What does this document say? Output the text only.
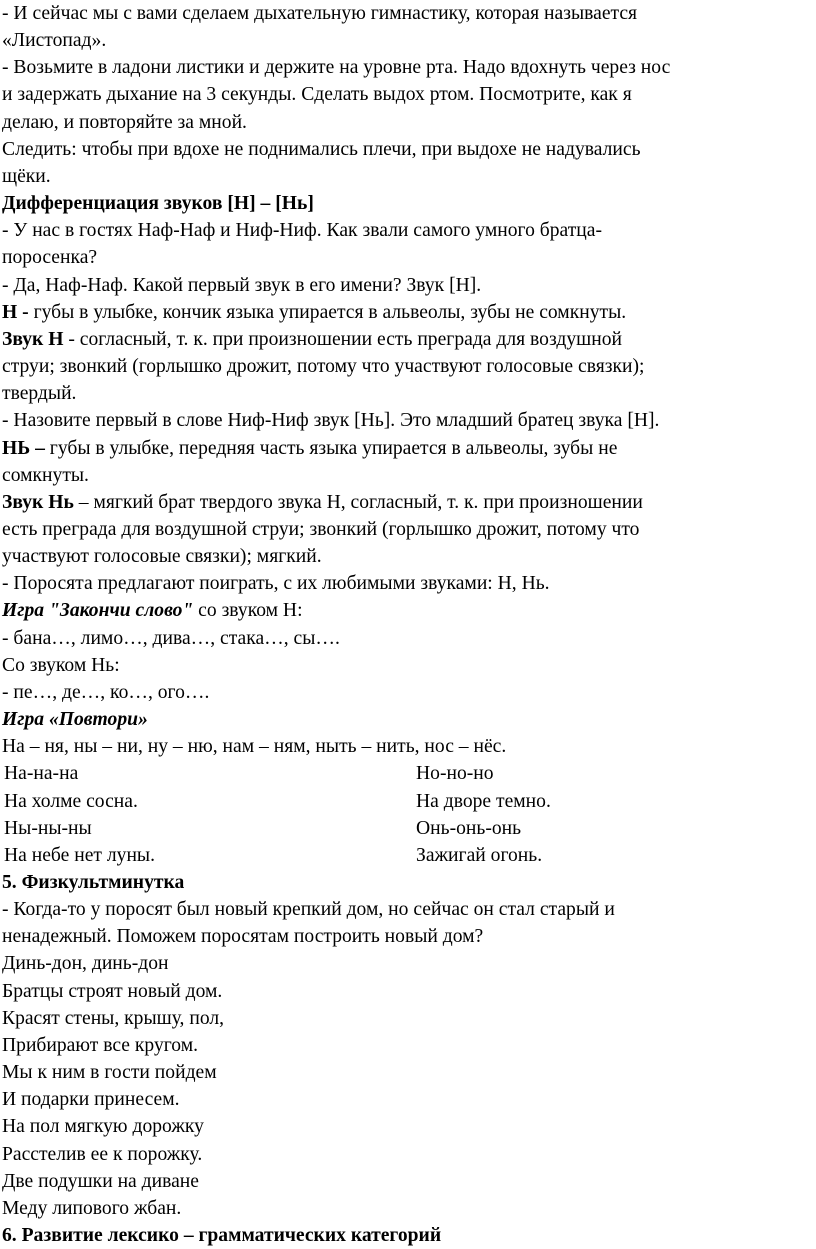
- И сейчас мы с вами сделаем дыхательную гимнастику, которая называется

«Листопад».

- Возьмите в ладони листики и держите на уровне рта. Надо вдохнуть через нос

и задержать дыхание на 3 секунды. Сделать выдох ртом. Посмотрите, как я

делаю, и повторяйте за мной.

Следить: чтобы при вдохе не поднимались плечи, при выдохе не надувались

щёки.

Дифференциация звуков [Н] – [Нь]

- У нас в гостях Наф-Наф и Ниф-Ниф. Как звали самого умного братца-

поросенка?

- Да, Наф-Наф. Какой первый звук в его имени? Звук [Н].

Н - губы в улыбке, кончик языка упирается в альвеолы, зубы не сомкнуты.

Звук Н - согласный, т. к. при произношении есть преграда для воздушной

струи; звонкий (горлышко дрожит, потому что участвуют голосовые связки);

твердый.

- Назовите первый в слове Ниф-Ниф звук [Нь]. Это младший братец звука [Н].

НЬ – губы в улыбке, передняя часть языка упирается в альвеолы, зубы не

сомкнуты.

Звук Нь – мягкий брат твердого звука Н, согласный, т. к. при произношении

есть преграда для воздушной струи; звонкий (горлышко дрожит, потому что

участвуют голосовые связки); мягкий.

- Поросята предлагают поиграть, с их любимыми звуками: Н, Нь.

Игра "Закончи слово" со звуком Н:

- бана…, лимо…, дива…, стака…, сы….

Со звуком Нь:

- пе…, де…, ко…, ого….

Игра «Повтори»

На – ня, ны – ни, ну – ню, нам – ням, ныть – нить, нос – нёс.

На-на-на	Но-но-но
На холме сосна.	На дворе темно.
Ны-ны-ны	Онь-онь-онь
На небе нет луны.	Зажигай огонь.

5. Физкультминутка

- Когда-то у поросят был новый крепкий дом, но сейчас он стал старый и

ненадежный. Поможем поросятам построить новый дом?

Динь-дон, динь-дон

Братцы строят новый дом.

Красят стены, крышу, пол,

Прибирают все кругом.

Мы к ним в гости пойдем

И подарки принесем.

На пол мягкую дорожку

Расстелив ее к порожку.

Две подушки на диване

Меду липового жбан.

6. Развитие лексико – грамматических категорий
